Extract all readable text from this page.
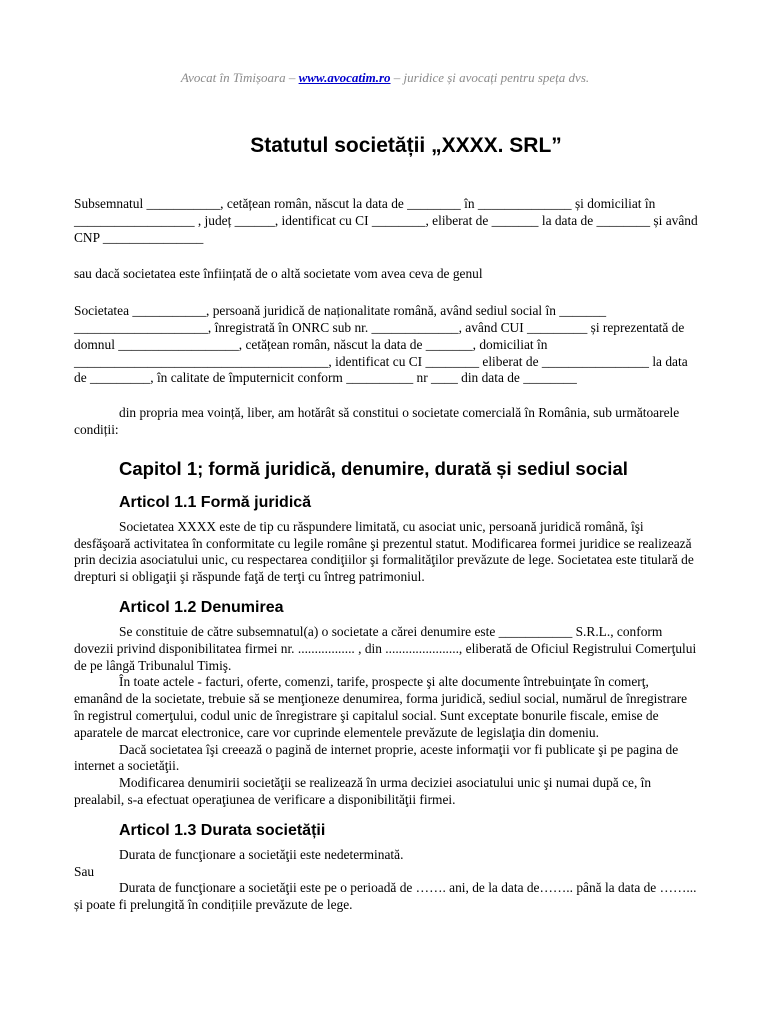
Avocat în Timișoara – www.avocatim.ro – juridice și avocați pentru speța dvs.
Statutul societății „XXXX. SRL”

Subsemnatul ___________, cetățean român, născut la data de ________ în ______________ și domiciliat în __________________ , județ ______, identificat cu CI ________, eliberat de _______ la data de ________ și având CNP _______________

sau dacă societatea este înființată de o altă societate vom avea ceva de genul

Societatea ___________, persoană juridică de naționalitate română, având sediul social în _______ ____________________, înregistrată în ONRC sub nr. _____________, având CUI _________ și reprezentată de domnul __________________, cetățean român, născut la data de _______, domiciliat în ______________________________________, identificat cu CI ________ eliberat de ________________ la data de _________, în calitate de împuternicit conform __________ nr ____ din data de ________

din propria mea voință, liber, am hotărât să constitui o societate comercială în România, sub următoarele condiții:

Capitol 1; formă juridică, denumire, durată și sediul social
Articol 1.1 Formă juridică

Societatea XXXX este de tip cu răspundere limitată, cu asociat unic, persoană juridică română, îşi desfăşoară activitatea în conformitate cu legile române şi prezentul statut. Modificarea formei juridice se realizează prin decizia asociatului unic, cu respectarea condiţiilor şi formalităţilor prevăzute de lege. Societatea este titulară de drepturi si obligaţii şi răspunde faţă de terţi cu întreg patrimoniul.

Articol 1.2 Denumirea

Se constituie de către subsemnatul(a) o societate a cărei denumire este ___________ S.R.L., conform dovezii privind disponibilitatea firmei nr. ................. , din ......................, eliberată de Oficiul Registrului Comerţului de pe lângă Tribunalul Timiş.

În toate actele - facturi, oferte, comenzi, tarife, prospecte şi alte documente întrebuinţate în comerţ, emanând de la societate, trebuie să se menţioneze denumirea, forma juridică, sediul social, numărul de înregistrare în registrul comerţului, codul unic de înregistrare şi capitalul social. Sunt exceptate bonurile fiscale, emise de aparatele de marcat electronice, care vor cuprinde elementele prevăzute de legislaţia din domeniu.

Dacă societatea îşi creează o pagină de internet proprie, aceste informaţii vor fi publicate şi pe pagina de internet a societăţii.

Modificarea denumirii societăţii se realizează în urma deciziei asociatului unic şi numai după ce, în prealabil, s-a efectuat operaţiunea de verificare a disponibilităţii firmei.

Articol 1.3 Durata societății

Durata de funcţionare a societăţii este nedeterminată.

Sau

Durata de funcţionare a societăţii este pe o perioadă de ……. ani, de la data de…….. până la data de ……... și poate fi prelungită în condițiile prevăzute de lege.
